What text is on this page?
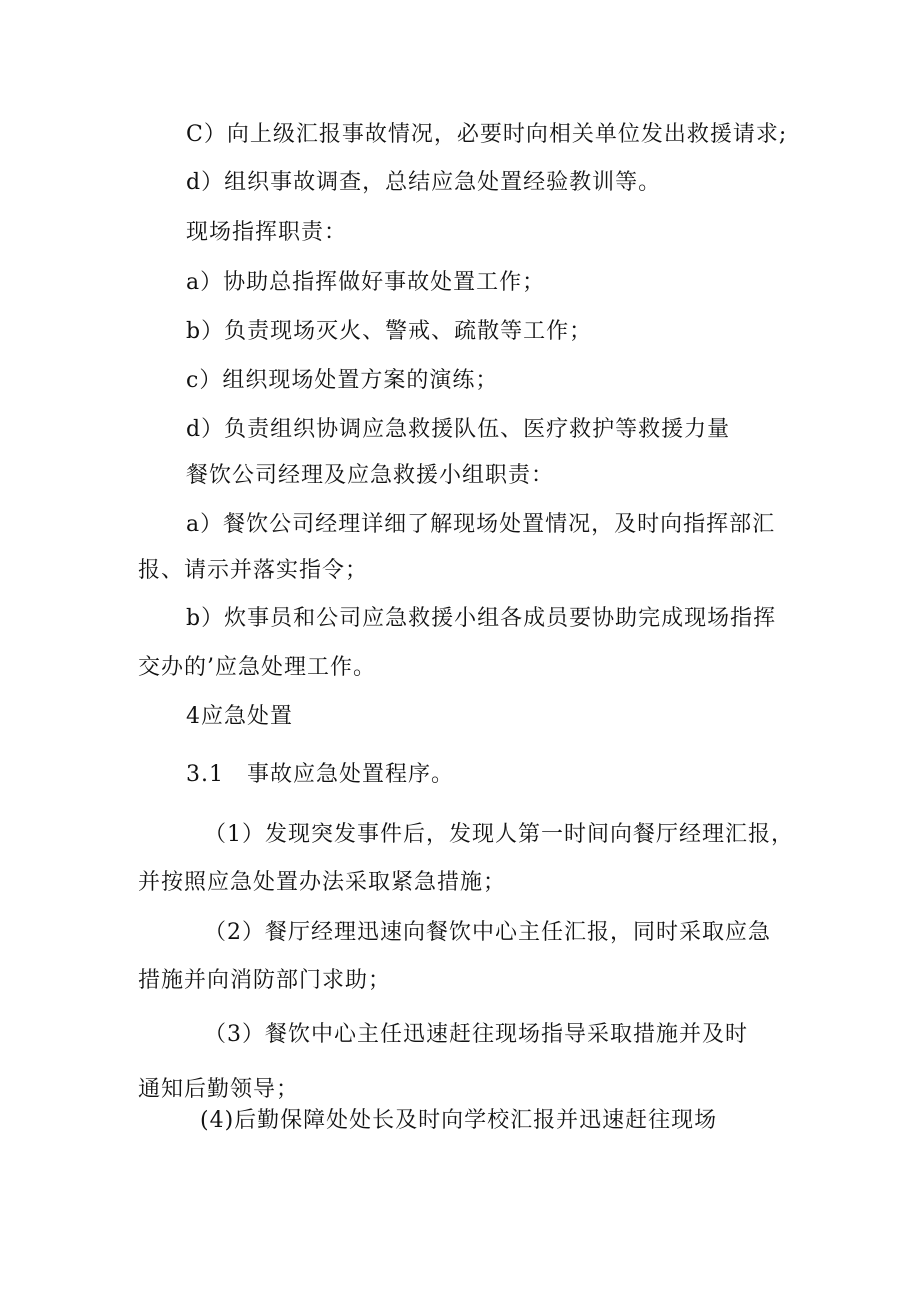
C）向上级汇报事故情况，必要时向相关单位发出救援请求;
d）组织事故调查，总结应急处置经验教训等。
现场指挥职责：
a）协助总指挥做好事故处置工作；
b）负责现场灭火、警戒、疏散等工作；
c）组织现场处置方案的演练；
d）负责组织协调应急救援队伍、医疗救护等救援力量
餐饮公司经理及应急救援小组职责：
a）餐饮公司经理详细了解现场处置情况，及时向指挥部汇
报、请示并落实指令；
b）炊事员和公司应急救援小组各成员要协助完成现场指挥
交办的’应急处理工作。
4应急处置
3.1　事故应急处置程序。
（1）发现突发事件后，发现人第一时间向餐厅经理汇报，
并按照应急处置办法采取紧急措施；
（2）餐厅经理迅速向餐饮中心主任汇报，同时采取应急
措施并向消防部门求助；
（3）餐饮中心主任迅速赶往现场指导采取措施并及时
通知后勤领导；
(4)后勤保障处处长及时向学校汇报并迅速赶往现场
